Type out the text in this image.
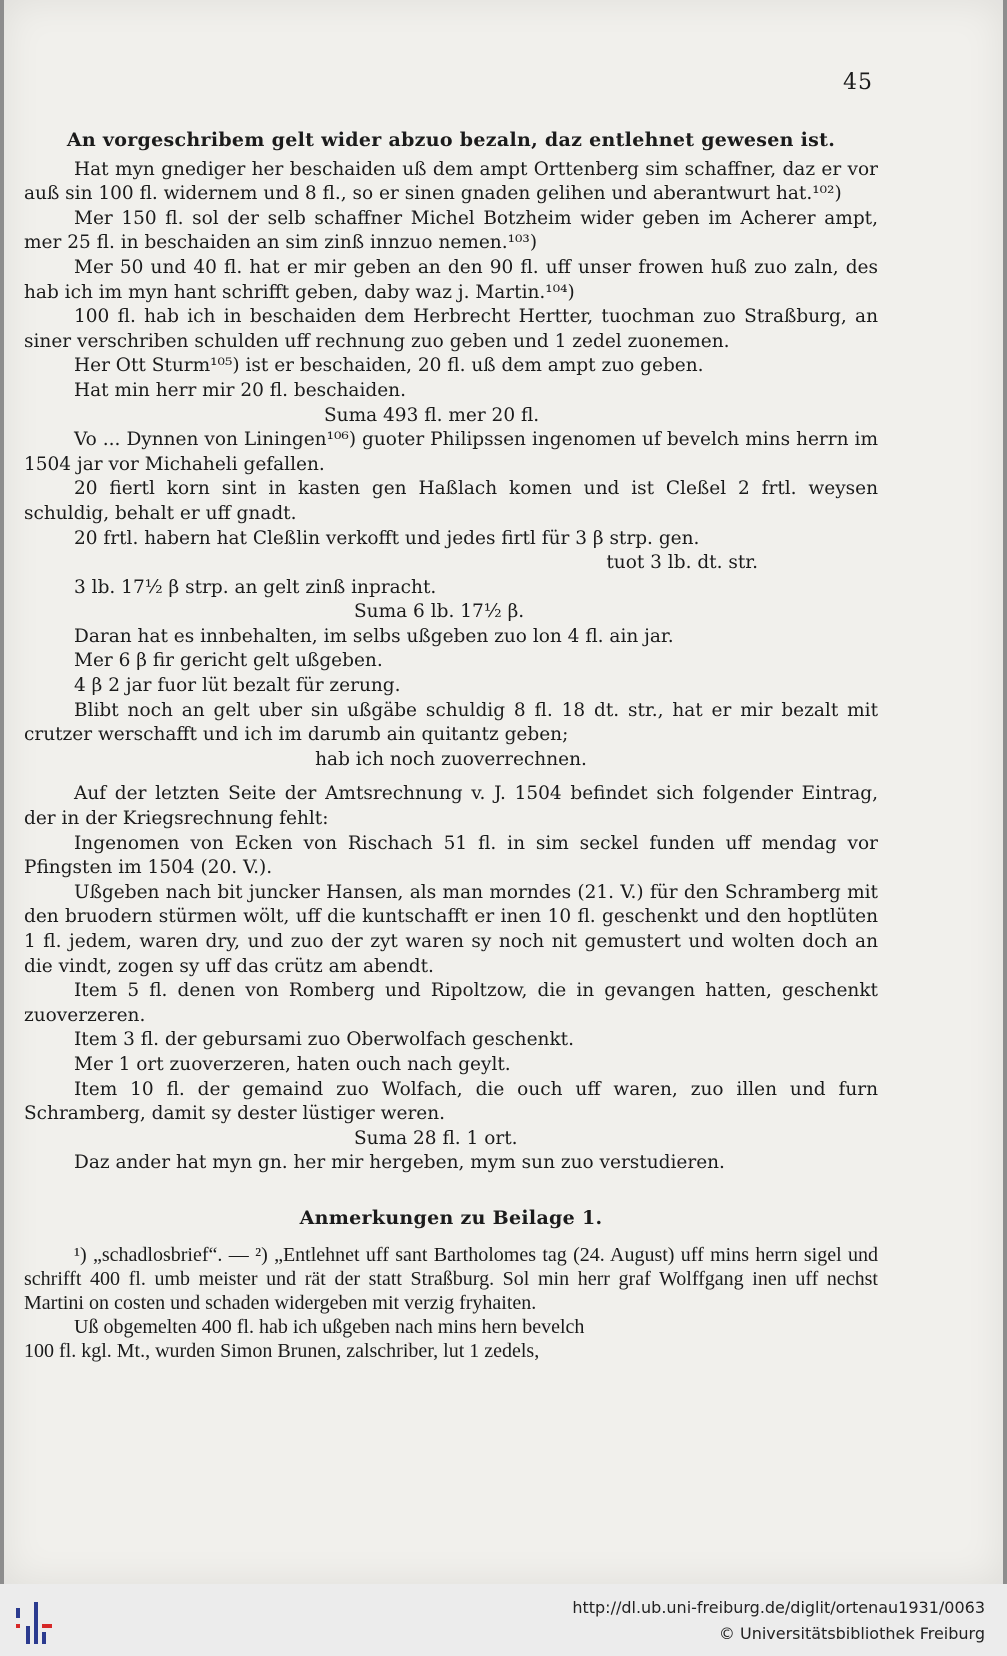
45
An vorgeschribem gelt wider abzuo bezaln, daz entlehnet gewesen ist.

Hat myn gnediger her beschaiden uß dem ampt Orttenberg sim schaffner, daz er vor auß sin 100 fl. widernem und 8 fl., so er sinen gnaden gelihen und aberantwurt hat.¹⁰²)

Mer 150 fl. sol der selb schaffner Michel Botzheim wider geben im Acherer ampt, mer 25 fl. in beschaiden an sim zinß innzuo nemen.¹⁰³)

Mer 50 und 40 fl. hat er mir geben an den 90 fl. uff unser frowen huß zuo zaln, des hab ich im myn hant schrifft geben, daby waz j. Martin.¹⁰⁴)

100 fl. hab ich in beschaiden dem Herbrecht Hertter, tuochman zuo Straßburg, an siner verschriben schulden uff rechnung zuo geben und 1 zedel zuonemen.

Her Ott Sturm¹⁰⁵) ist er beschaiden, 20 fl. uß dem ampt zuo geben.

Hat min herr mir 20 fl. beschaiden.

Suma 493 fl. mer 20 fl.

Vo ... Dynnen von Liningen¹⁰⁶) guoter Philipssen ingenomen uf bevelch mins herrn im 1504 jar vor Michaheli gefallen.

20 fiertl korn sint in kasten gen Haßlach komen und ist Cleßel 2 frtl. weysen schuldig, behalt er uff gnadt.

20 frtl. habern hat Cleßlin verkofft und jedes firtl für 3 β strp. gen.

tuot 3 lb. dt. str.

3 lb. 17½ β strp. an gelt zinß inpracht.

Suma 6 lb. 17½ β.

Daran hat es innbehalten, im selbs ußgeben zuo lon 4 fl. ain jar.

Mer 6 β fir gericht gelt ußgeben.

4 β 2 jar fuor lüt bezalt für zerung.

Blibt noch an gelt uber sin ußgäbe schuldig 8 fl. 18 dt. str., hat er mir bezalt mit crutzer werschafft und ich im darumb ain quitantz geben;

hab ich noch zuoverrechnen.

Auf der letzten Seite der Amtsrechnung v. J. 1504 befindet sich folgender Eintrag, der in der Kriegsrechnung fehlt:

Ingenomen von Ecken von Rischach 51 fl. in sim seckel funden uff mendag vor Pfingsten im 1504 (20. V.).

Ußgeben nach bit juncker Hansen, als man morndes (21. V.) für den Schramberg mit den bruodern stürmen wölt, uff die kuntschafft er inen 10 fl. geschenkt und den hoptlüten 1 fl. jedem, waren dry, und zuo der zyt waren sy noch nit gemustert und wolten doch an die vindt, zogen sy uff das crütz am abendt.

Item 5 fl. denen von Romberg und Ripoltzow, die in gevangen hatten, geschenkt zuoverzeren.

Item 3 fl. der gebursami zuo Oberwolfach geschenkt.

Mer 1 ort zuoverzeren, haten ouch nach geylt.

Item 10 fl. der gemaind zuo Wolfach, die ouch uff waren, zuo illen und furn Schramberg, damit sy dester lüstiger weren.

Suma 28 fl. 1 ort.

Daz ander hat myn gn. her mir hergeben, mym sun zuo verstudieren.

Anmerkungen zu Beilage 1.

¹) „schadlosbrief“. — ²) „Entlehnet uff sant Bartholomes tag (24. August) uff mins herrn sigel und schrifft 400 fl. umb meister und rät der statt Straßburg. Sol min herr graf Wolffgang inen uff nechst Martini on costen und schaden widergeben mit verzig fryhaiten.

Uß obgemelten 400 fl. hab ich ußgeben nach mins hern bevelch

100 fl. kgl. Mt., wurden Simon Brunen, zalschriber, lut 1 zedels,

http://dl.ub.uni-freiburg.de/diglit/ortenau1931/0063
© Universitätsbibliothek Freiburg
